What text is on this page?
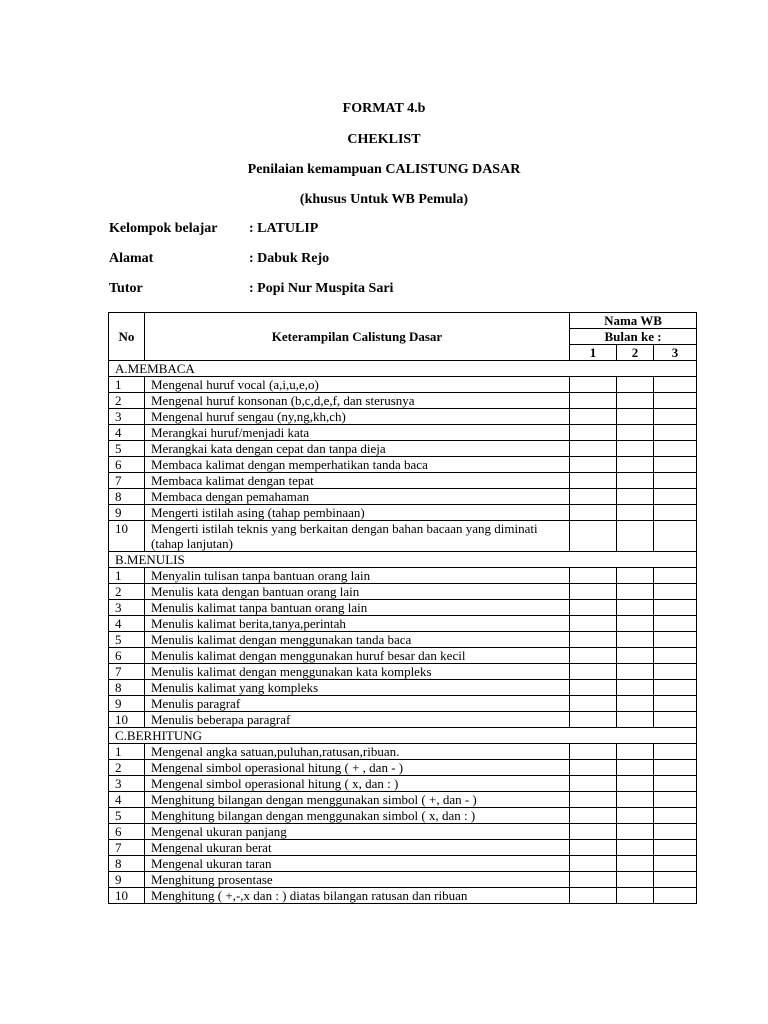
FORMAT 4.b
CHEKLIST
Penilaian kemampuan CALISTUNG DASAR
(khusus Untuk WB Pemula)
Kelompok belajar : LATULIP
Alamat	: Dabuk Rejo
Tutor	: Popi Nur Muspita Sari
No	Keterampilan Calistung Dasar	Nama WB		
		Bulan ke :		
		1	2	3
A.MEMBACA				
1	Mengenal huruf vocal (a,i,u,e,o)			
2	Mengenal huruf konsonan (b,c,d,e,f, dan sterusnya			
3	Mengenal huruf sengau (ny,ng,kh,ch)			
4	Merangkai huruf/menjadi kata			
5	Merangkai kata dengan cepat dan tanpa dieja			
6	Membaca kalimat dengan memperhatikan tanda baca			
7	Membaca kalimat dengan tepat			
8	Membaca dengan pemahaman			
9	Mengerti istilah asing (tahap pembinaan)			
10	Mengerti istilah teknis yang berkaitan dengan bahan bacaan yang diminati (tahap lanjutan)			
B.MENULIS				
1	Menyalin tulisan tanpa bantuan orang lain			
2	Menulis kata dengan bantuan orang lain			
3	Menulis kalimat tanpa bantuan orang lain			
4	Menulis kalimat berita,tanya,perintah			
5	Menulis kalimat dengan menggunakan tanda baca			
6	Menulis kalimat dengan menggunakan huruf besar dan kecil			
7	Menulis kalimat dengan menggunakan kata kompleks			
8	Menulis kalimat yang kompleks			
9	Menulis paragraf			
10	Menulis beberapa paragraf			
C.BERHITUNG				
1	Mengenal angka satuan,puluhan,ratusan,ribuan.			
2	Mengenal simbol operasional hitung ( + , dan - )			
3	Mengenal simbol operasional hitung ( x, dan : )			
4	Menghitung bilangan dengan menggunakan simbol ( +, dan - )			
5	Menghitung bilangan dengan menggunakan simbol ( x, dan : )			
6	Mengenal ukuran panjang			
7	Mengenal ukuran berat			
8	Mengenal ukuran taran			
9	Menghitung prosentase			
10	Menghitung ( +,-,x dan : ) diatas bilangan ratusan dan ribuan			
